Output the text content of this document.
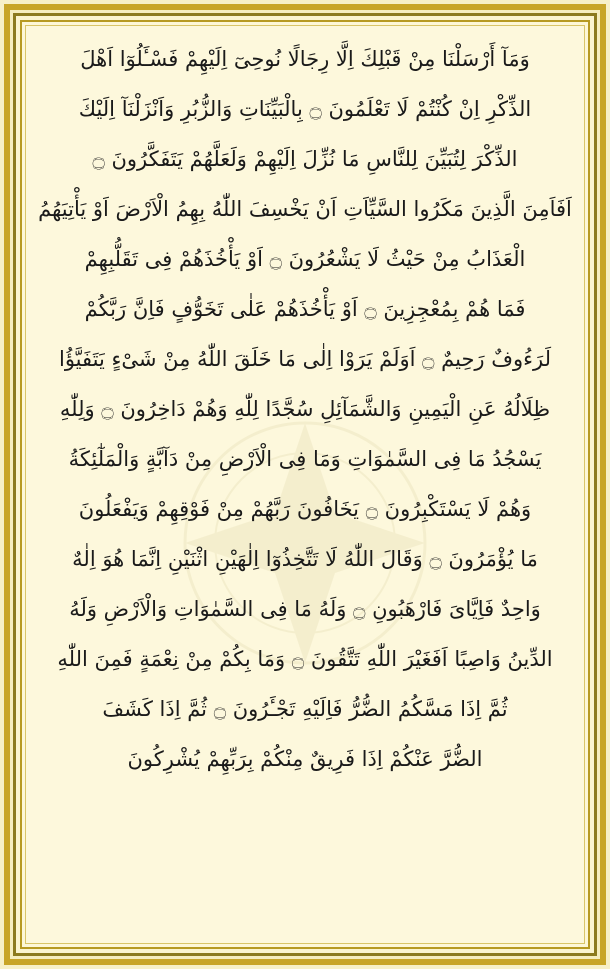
وَمَآ أَرْسَلْنَا مِنْ قَبْلِكَ اِلَّا رِجَالًا نُوحِىٓ اِلَيْهِمْ فَسْـَٔلُوٓا اَهْلَ
الذِّكْرِ اِنْ كُنْتُمْ لَا تَعْلَمُونَ ۝ بِالْبَيِّنَاتِ وَالزُّبُرِ وَاَنْزَلْنَآ اِلَيْكَ
الذِّكْرَ لِتُبَيِّنَ لِلنَّاسِ مَا نُزِّلَ اِلَيْهِمْ وَلَعَلَّهُمْ يَتَفَكَّرُونَ ۝
اَفَاَمِنَ الَّذِينَ مَكَرُوا السَّيِّاَتِ اَنْ يَخْسِفَ اللّٰهُ بِهِمُ الْاَرْضَ اَوْ يَأْتِيَهُمُ
الْعَذَابُ مِنْ حَيْثُ لَا يَشْعُرُونَ ۝ اَوْ يَأْخُذَهُمْ فِى تَقَلُّبِهِمْ
فَمَا هُمْ بِمُعْجِزِينَ ۝ اَوْ يَأْخُذَهُمْ عَلٰى تَخَوُّفٍ فَاِنَّ رَبَّكُمْ
لَرَءُوفٌ رَحِيمٌ ۝ اَوَلَمْ يَرَوْا اِلٰى مَا خَلَقَ اللّٰهُ مِنْ شَىْءٍ يَتَفَيَّؤُا
ظِلَالُهُ عَنِ الْيَمِينِ وَالشَّمَآئِلِ سُجَّدًا لِلّٰهِ وَهُمْ دَاخِرُونَ ۝ وَلِلّٰهِ
يَسْجُدُ مَا فِى السَّمٰوَاتِ وَمَا فِى الْاَرْضِ مِنْ دَآبَّةٍ وَالْمَلٰٓئِكَةُ
وَهُمْ لَا يَسْتَكْبِرُونَ ۝ يَخَافُونَ رَبَّهُمْ مِنْ فَوْقِهِمْ وَيَفْعَلُونَ
مَا يُؤْمَرُونَ ۝ وَقَالَ اللّٰهُ لَا تَتَّخِذُوٓا اِلٰهَيْنِ اثْنَيْنِ اِنَّمَا هُوَ اِلٰهٌ
وَاحِدٌ فَاِيَّاىَ فَارْهَبُونِ ۝ وَلَهُ مَا فِى السَّمٰوَاتِ وَالْاَرْضِ وَلَهُ
الدِّينُ وَاصِبًا اَفَغَيْرَ اللّٰهِ تَتَّقُونَ ۝ وَمَا بِكُمْ مِنْ نِعْمَةٍ فَمِنَ اللّٰهِ
ثُمَّ اِذَا مَسَّكُمُ الضُّرُّ فَاِلَيْهِ تَجْـَٔرُونَ ۝ ثُمَّ اِذَا كَشَفَ
الضُّرَّ عَنْكُمْ اِذَا فَرِيقٌ مِنْكُمْ بِرَبِّهِمْ يُشْرِكُونَ
